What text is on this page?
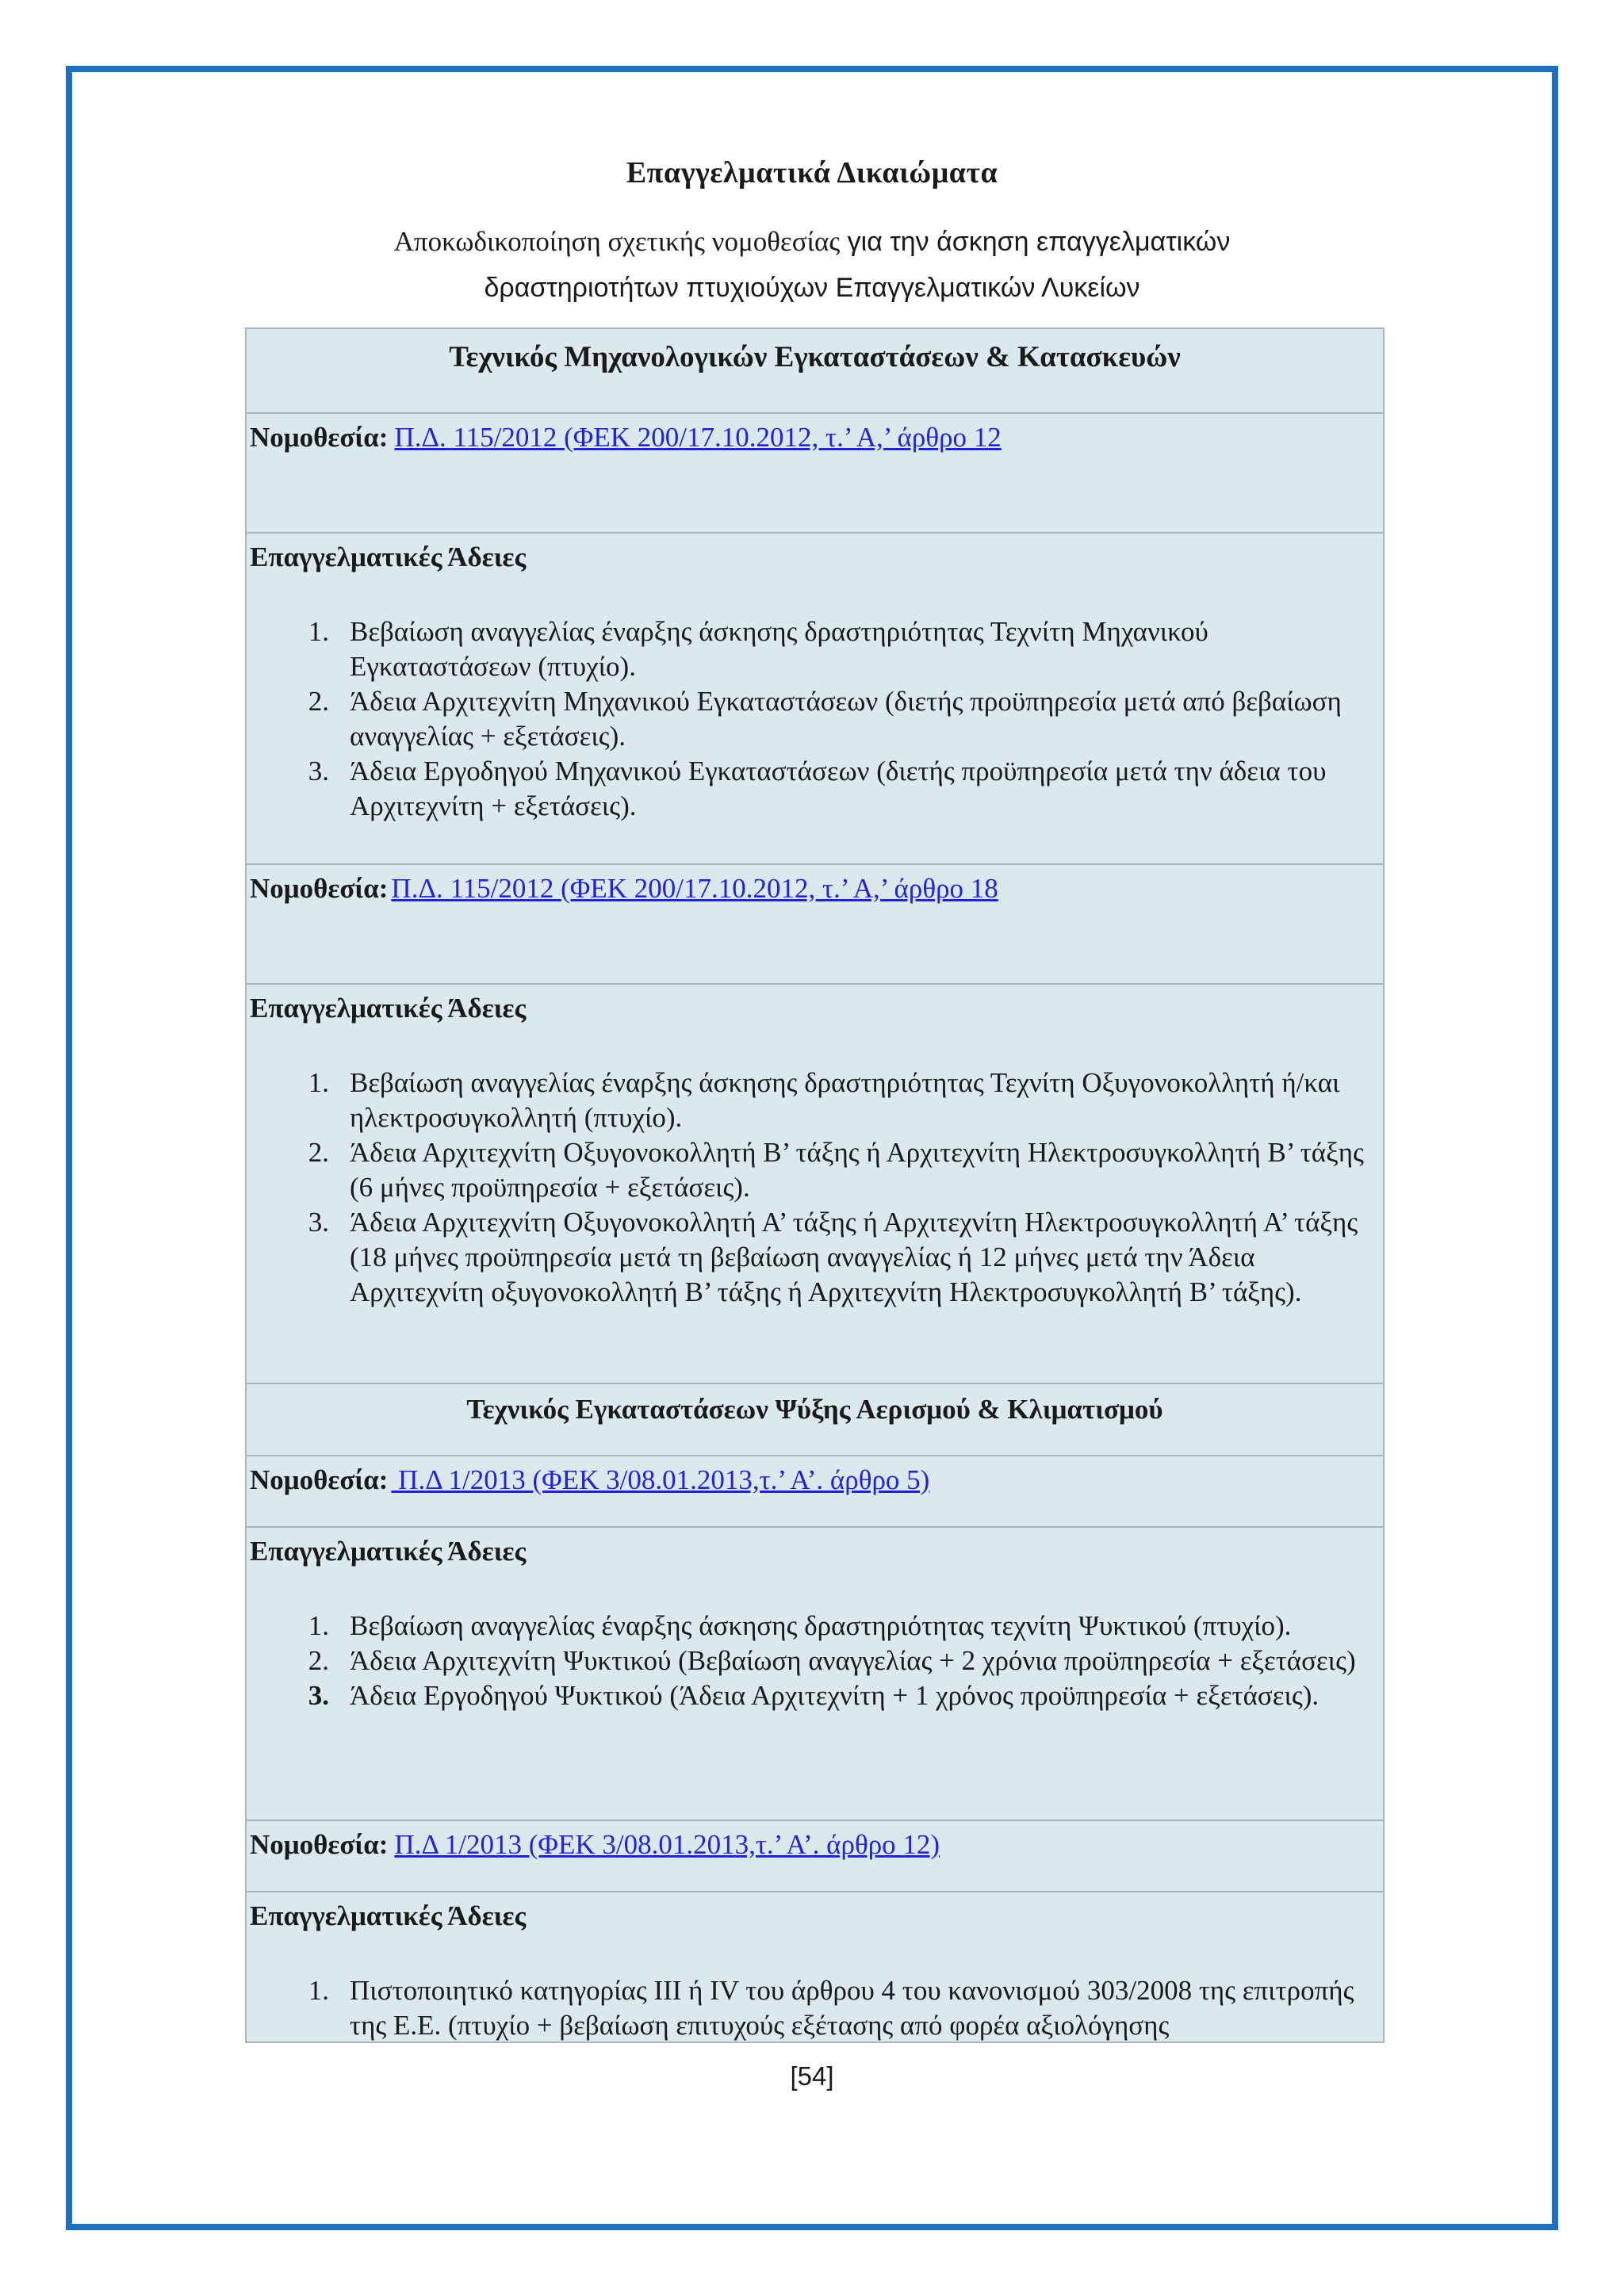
Επαγγελματικά Δικαιώματα
Αποκωδικοποίηση σχετικής νομοθεσίας για την άσκηση επαγγελματικών
δραστηριοτήτων πτυχιούχων Επαγγελματικών Λυκείων
Τεχνικός Μηχανολογικών Εγκαταστάσεων & Κατασκευών
Νομοθεσία: Π.Δ. 115/2012 (ΦΕΚ 200/17.10.2012, τ.’ Α,’ άρθρο 12
Επαγγελματικές Άδειες
1. Βεβαίωση αναγγελίας έναρξης άσκησης δραστηριότητας Τεχνίτη Μηχανικού Εγκαταστάσεων (πτυχίο).
2. Άδεια Αρχιτεχνίτη Μηχανικού Εγκαταστάσεων (διετής προϋπηρεσία μετά από βεβαίωση αναγγελίας + εξετάσεις).
3. Άδεια Εργοδηγού Μηχανικού Εγκαταστάσεων (διετής προϋπηρεσία μετά την άδεια του Αρχιτεχνίτη + εξετάσεις).
Νομοθεσία: Π.Δ. 115/2012 (ΦΕΚ 200/17.10.2012, τ.’ Α,’ άρθρο 18
Επαγγελματικές Άδειες
1. Βεβαίωση αναγγελίας έναρξης άσκησης δραστηριότητας Τεχνίτη Οξυγονοκολλητή ή/και ηλεκτροσυγκολλητή (πτυχίο).
2. Άδεια Αρχιτεχνίτη Οξυγονοκολλητή Β’ τάξης ή Αρχιτεχνίτη Ηλεκτροσυγκολλητή Β’ τάξης (6 μήνες προϋπηρεσία + εξετάσεις).
3. Άδεια Αρχιτεχνίτη Οξυγονοκολλητή Α’ τάξης ή Αρχιτεχνίτη Ηλεκτροσυγκολλητή Α’ τάξης (18 μήνες προϋπηρεσία μετά τη βεβαίωση αναγγελίας ή 12 μήνες μετά την Άδεια Αρχιτεχνίτη οξυγονοκολλητή Β’ τάξης ή Αρχιτεχνίτη Ηλεκτροσυγκολλητή Β’ τάξης).
Τεχνικός Εγκαταστάσεων Ψύξης Αερισμού & Κλιματισμού
Νομοθεσία:  Π.Δ 1/2013 (ΦΕΚ 3/08.01.2013,τ.’ Α’. άρθρο 5)
Επαγγελματικές Άδειες
1. Βεβαίωση αναγγελίας έναρξης άσκησης δραστηριότητας τεχνίτη Ψυκτικού (πτυχίο).
2. Άδεια Αρχιτεχνίτη Ψυκτικού (Βεβαίωση αναγγελίας + 2 χρόνια προϋπηρεσία + εξετάσεις)
3. Άδεια Εργοδηγού Ψυκτικού (Άδεια Αρχιτεχνίτη + 1 χρόνος προϋπηρεσία + εξετάσεις).
Νομοθεσία: Π.Δ 1/2013 (ΦΕΚ 3/08.01.2013,τ.’ Α’. άρθρο 12)
Επαγγελματικές Άδειες
1. Πιστοποιητικό κατηγορίας ΙΙΙ ή IV του άρθρου 4 του κανονισμού 303/2008 της επιτροπής της Ε.Ε. (πτυχίο + βεβαίωση επιτυχούς εξέτασης από φορέα αξιολόγησης
[54]
